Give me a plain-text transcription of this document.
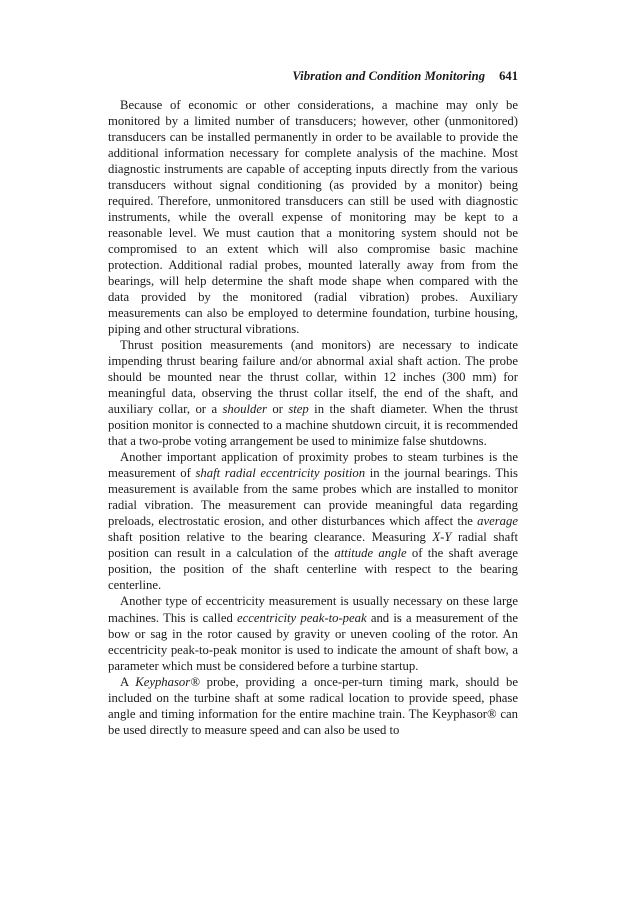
Vibration and Condition Monitoring 641

Because of economic or other considerations, a machine may only be monitored by a limited number of transducers; however, other (unmonitored) transducers can be installed permanently in order to be available to provide the additional information necessary for complete analysis of the machine. Most diagnostic instruments are capable of accepting inputs directly from the various transducers without signal conditioning (as provided by a monitor) being required. Therefore, unmonitored transducers can still be used with diagnostic instruments, while the overall expense of monitoring may be kept to a reasonable level. We must caution that a monitoring system should not be compromised to an extent which will also compromise basic machine protection. Additional radial probes, mounted laterally away from from the bearings, will help determine the shaft mode shape when compared with the data provided by the monitored (radial vibration) probes. Auxiliary measurements can also be employed to determine foundation, turbine housing, piping and other structural vibrations.

Thrust position measurements (and monitors) are necessary to indicate impending thrust bearing failure and/or abnormal axial shaft action. The probe should be mounted near the thrust collar, within 12 inches (300 mm) for meaningful data, observing the thrust collar itself, the end of the shaft, and auxiliary collar, or a shoulder or step in the shaft diameter. When the thrust position monitor is connected to a machine shutdown circuit, it is recommended that a two-probe voting arrangement be used to minimize false shutdowns.

Another important application of proximity probes to steam turbines is the measurement of shaft radial eccentricity position in the journal bearings. This measurement is available from the same probes which are installed to monitor radial vibration. The measurement can provide meaningful data regarding preloads, electrostatic erosion, and other disturbances which affect the average shaft position relative to the bearing clearance. Measuring X-Y radial shaft position can result in a calculation of the attitude angle of the shaft average position, the position of the shaft centerline with respect to the bearing centerline.

Another type of eccentricity measurement is usually necessary on these large machines. This is called eccentricity peak-to-peak and is a measurement of the bow or sag in the rotor caused by gravity or uneven cooling of the rotor. An eccentricity peak-to-peak monitor is used to indicate the amount of shaft bow, a parameter which must be considered before a turbine startup.

A Keyphasor® probe, providing a once-per-turn timing mark, should be included on the turbine shaft at some radical location to provide speed, phase angle and timing information for the entire machine train. The Keyphasor® can be used directly to measure speed and can also be used to
